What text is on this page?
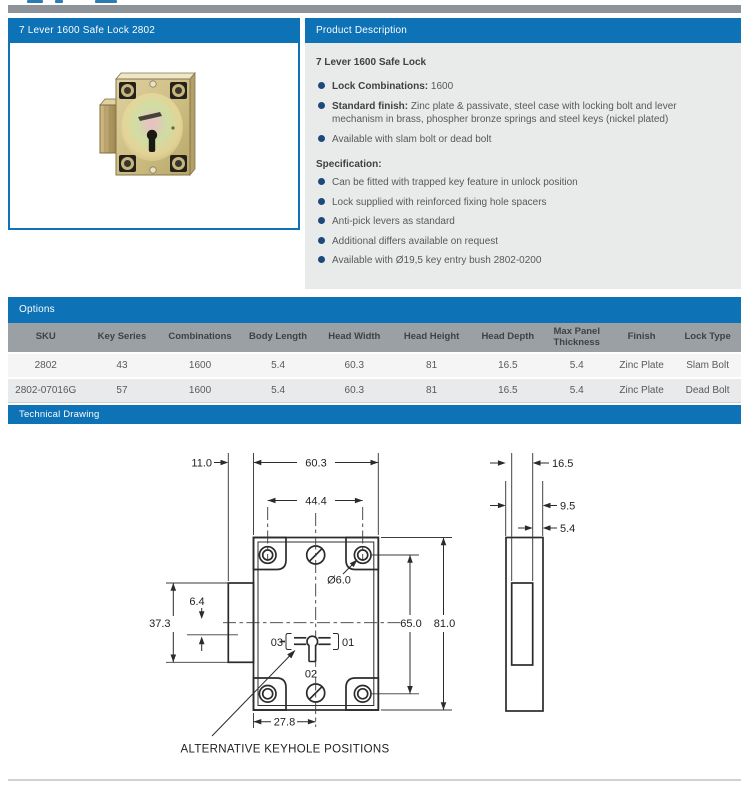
7 Lever 1600 Safe Lock 2802	Product Description
7 Lever 1600 Safe Lock

Lock Combinations: 1600

Standard finish: Zinc plate & passivate, steel case with locking bolt and lever mechanism in brass, phospher bronze springs and steel keys (nickel plated)

Available with slam bolt or dead bolt

Specification:

Can be fitted with trapped key feature in unlock position

Lock supplied with reinforced fixing hole spacers

Anti-pick levers as standard

Additional differs available on request

Available with Ø19,5 key entry bush 2802-0200

Options
SKU	Key Series	Combinations	Body Length	Head Width	Head Height	Head Depth	Max Panel Thickness	Finish	Lock Type
2802	43	1600	5.4	60.3	81	16.5	5.4	Zinc Plate	Slam Bolt
2802-07016G	57	1600	5.4	60.3	81	16.5	5.4	Zinc Plate	Dead Bolt
Technical Drawing
03	01
02
11.0	60.3
44.4
Ø6.0
6.4
37.3	65.0 81.0
27.8
ALTERNATIVE KEYHOLE POSITIONS
16.5
9.5
5.4
